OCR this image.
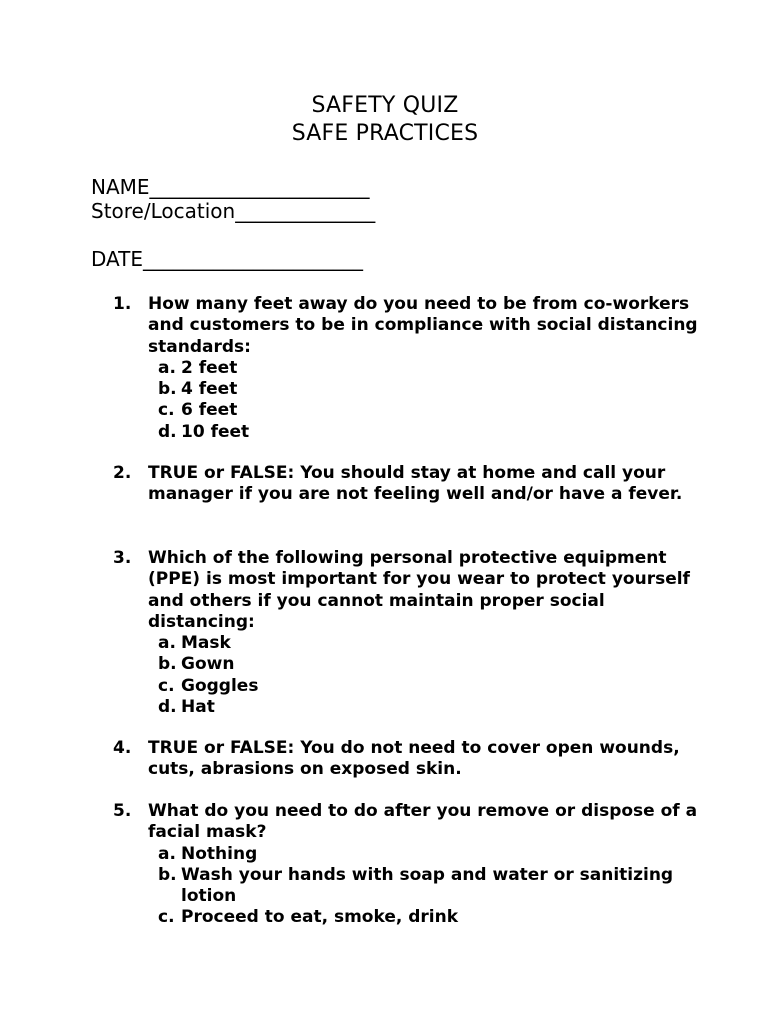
SAFETY QUIZ
SAFE PRACTICES

NAME______________________

Store/Location______________

DATE______________________

1. How many feet away do you need to be from co-workers and customers to be in compliance with social distancing standards:
a. 2 feet
b. 4 feet
c. 6 feet
d. 10 feet
2. TRUE or FALSE: You should stay at home and call your manager if you are not feeling well and/or have a fever.
3. Which of the following personal protective equipment (PPE) is most important for you wear to protect yourself and others if you cannot maintain proper social distancing:
a. Mask
b. Gown
c. Goggles
d. Hat
4. TRUE or FALSE: You do not need to cover open wounds, cuts, abrasions on exposed skin.
5. What do you need to do after you remove or dispose of a facial mask?
a. Nothing
b. Wash your hands with soap and water or sanitizing lotion
c. Proceed to eat, smoke, drink
